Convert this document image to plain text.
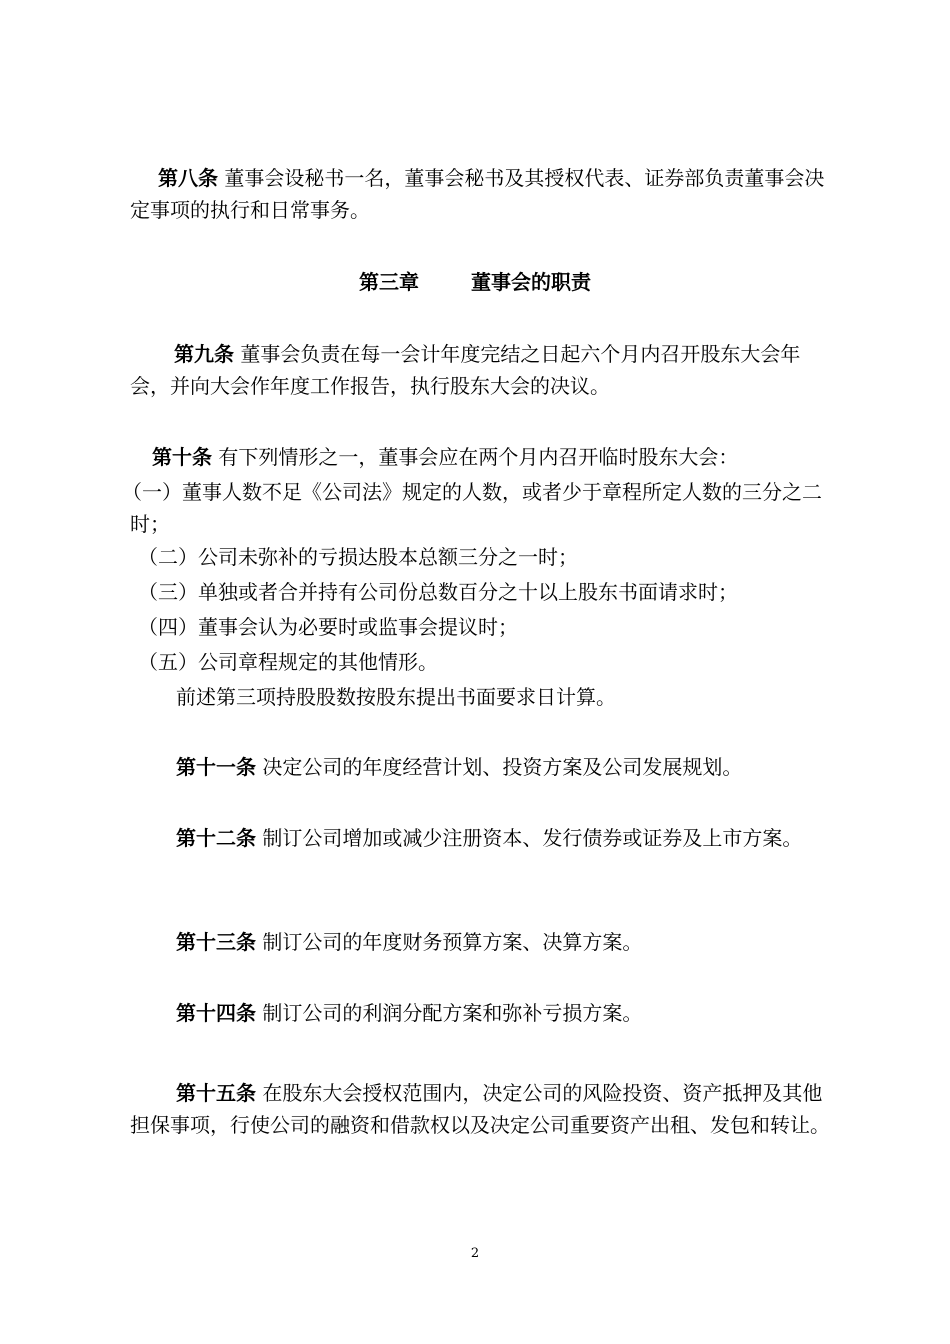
第八条 董事会设秘书一名，董事会秘书及其授权代表、证券部负责董事会决定事项的执行和日常事务。

第三章	董事会的职责

第九条 董事会负责在每一会计年度完结之日起六个月内召开股东大会年会，并向大会作年度工作报告，执行股东大会的决议。

第十条 有下列情形之一，董事会应在两个月内召开临时股东大会：

（一）董事人数不足《公司法》规定的人数，或者少于章程所定人数的三分之二时；

（二）公司未弥补的亏损达股本总额三分之一时；
（三）单独或者合并持有公司份总数百分之十以上股东书面请求时；
（四）董事会认为必要时或监事会提议时；
（五）公司章程规定的其他情形。
前述第三项持股股数按股东提出书面要求日计算。
第十一条 决定公司的年度经营计划、投资方案及公司发展规划。

第十二条 制订公司增加或减少注册资本、发行债券或证券及上市方案。

第十三条 制订公司的年度财务预算方案、决算方案。
第十四条 制订公司的利润分配方案和弥补亏损方案。

第十五条 在股东大会授权范围内，决定公司的风险投资、资产抵押及其他担保事项，行使公司的融资和借款权以及决定公司重要资产出租、发包和转让。

2
